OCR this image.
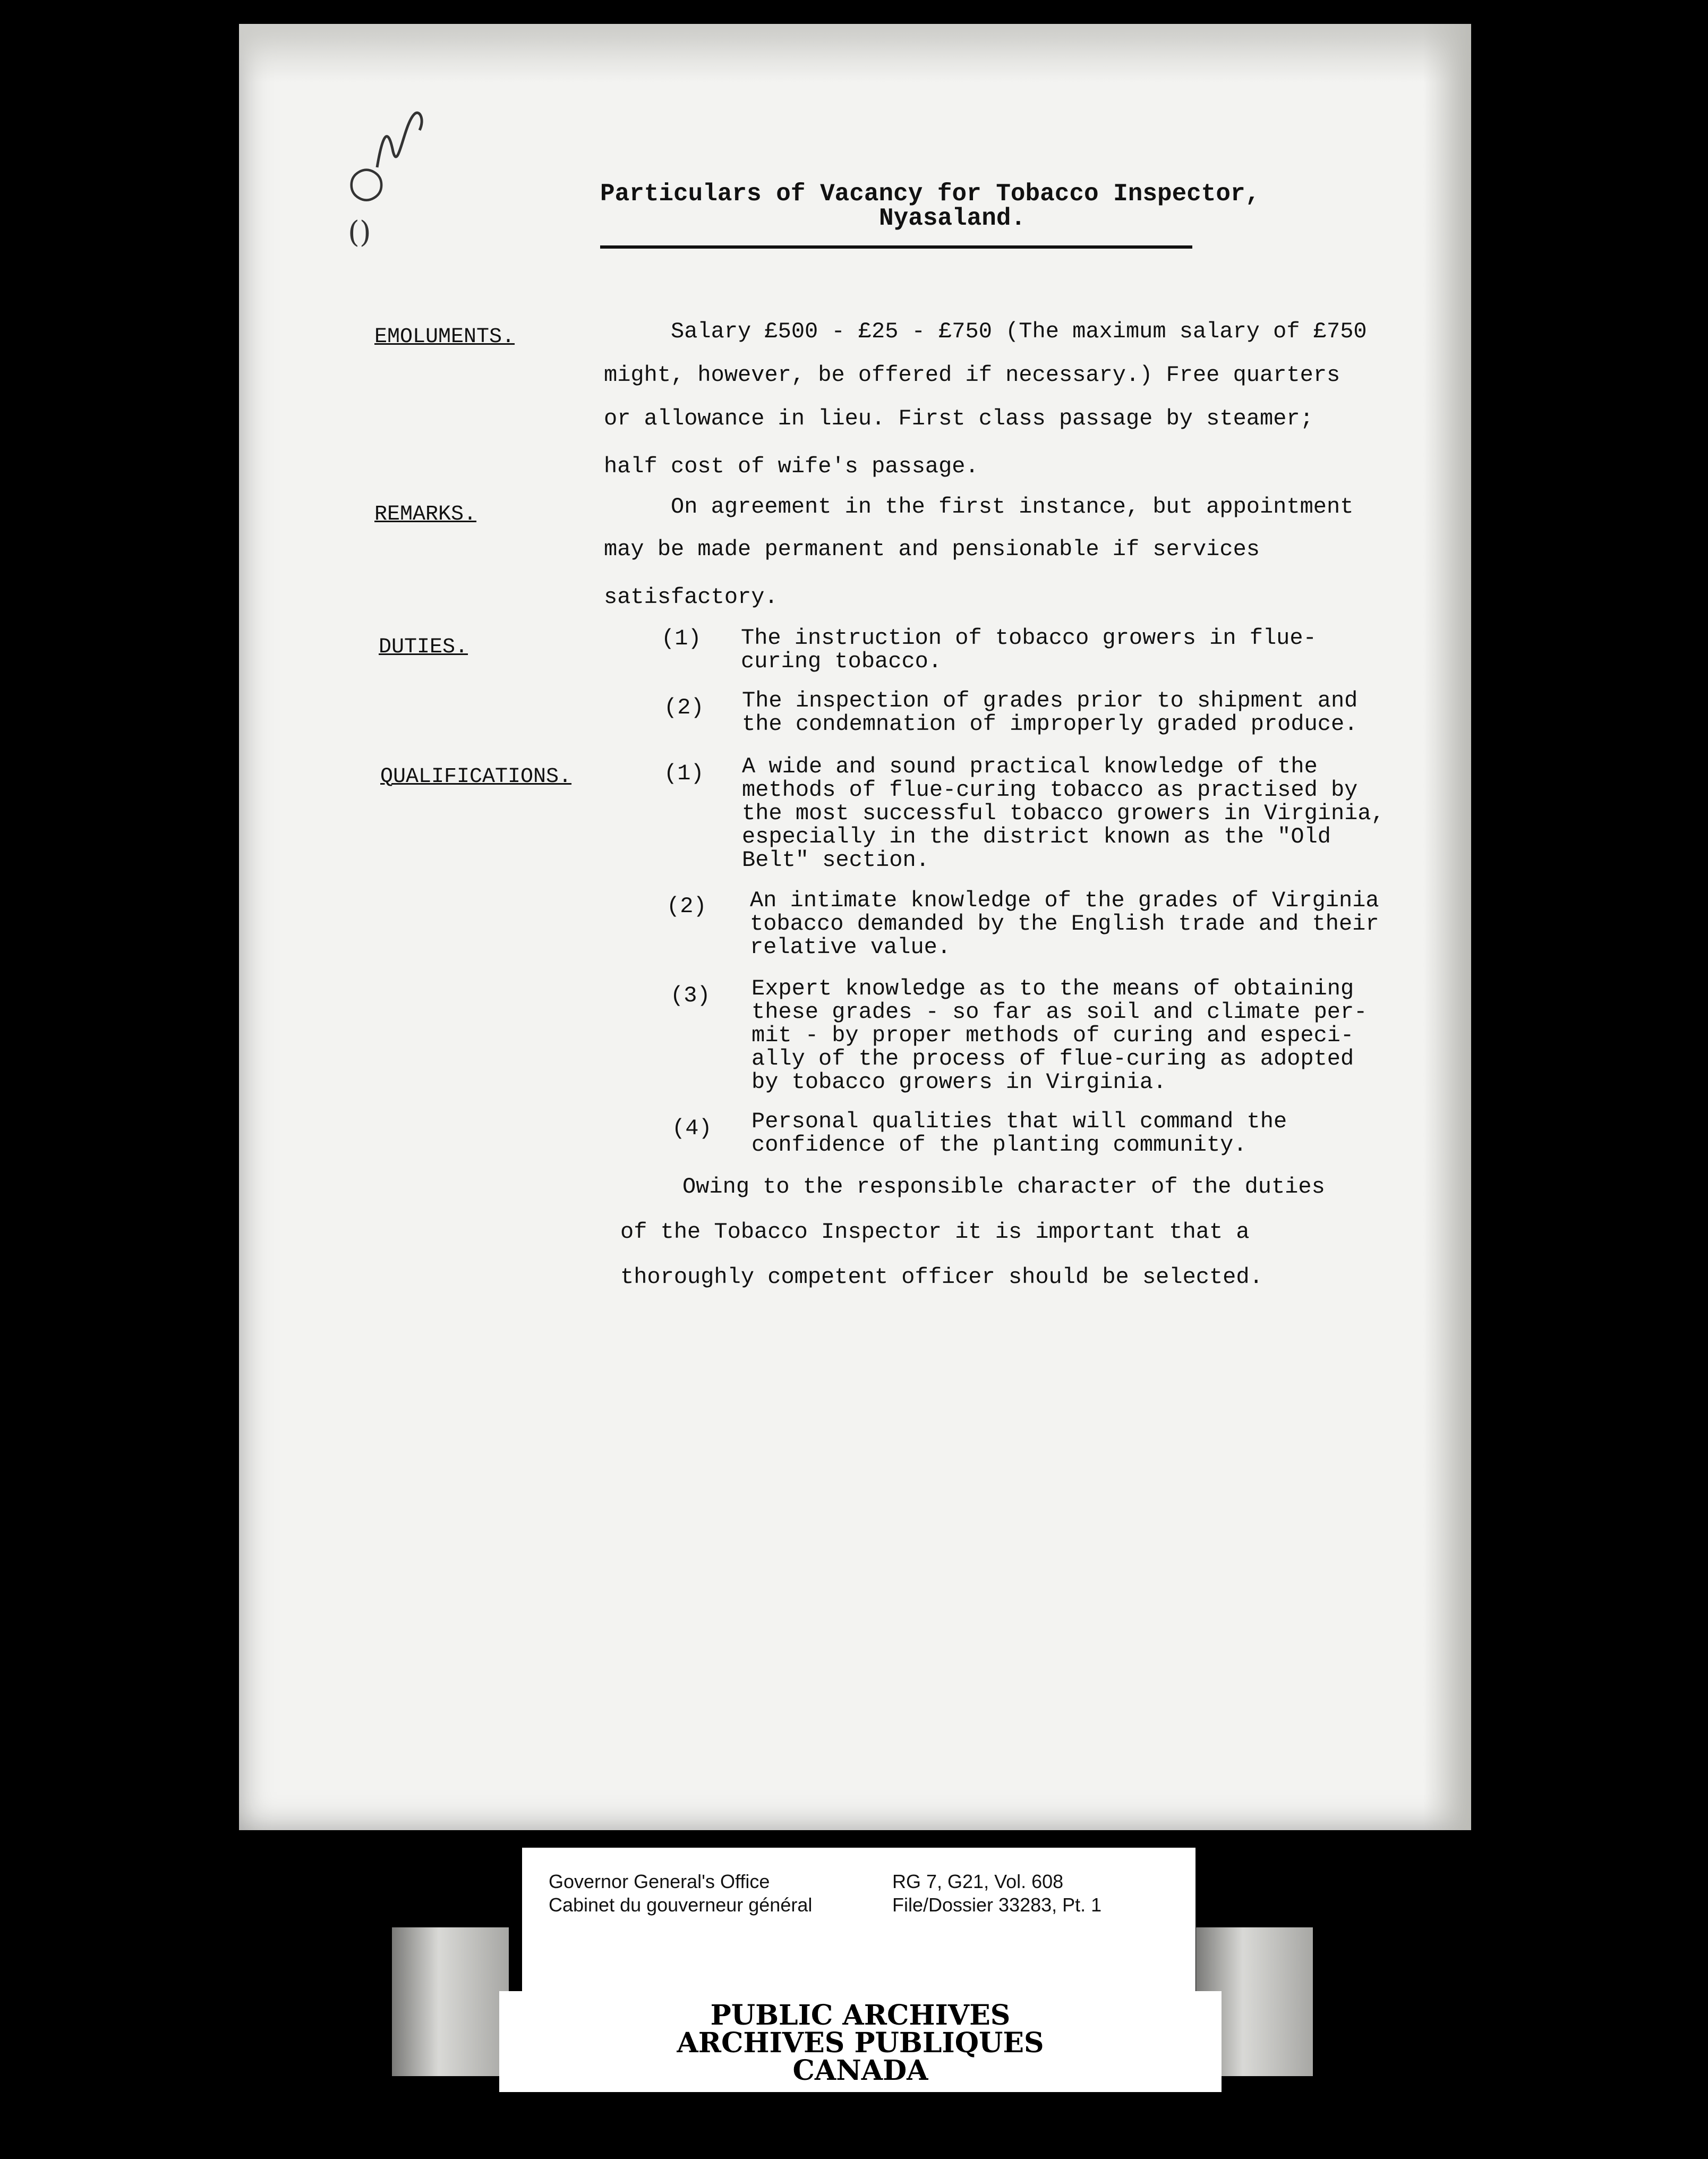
○
()
Particulars of Vacancy for Tobacco Inspector,
Nyasaland.
EMOLUMENTS.	Salary £500 - £25 - £750 (The maximum salary of £750
might, however, be offered if necessary.) Free quarters
or allowance in lieu. First class passage by steamer;
half cost of wife's passage.
REMARKS.	On agreement in the first instance, but appointment
may be made permanent and pensionable if services
satisfactory.
DUTIES.	(1) The instruction of tobacco growers in flue-
curing tobacco.
(2) The inspection of grades prior to shipment and
the condemnation of improperly graded produce.
QUALIFICATIONS.	(1) A wide and sound practical knowledge of the
methods of flue-curing tobacco as practised by
the most successful tobacco growers in Virginia,
especially in the district known as the "Old
Belt" section.
(2) An intimate knowledge of the grades of Virginia
tobacco demanded by the English trade and their
relative value.
(3) Expert knowledge as to the means of obtaining
these grades - so far as soil and climate per-
mit - by proper methods of curing and especi-
ally of the process of flue-curing as adopted
by tobacco growers in Virginia.
(4) Personal qualities that will command the
confidence of the planting community.
Owing to the responsible character of the duties
of the Tobacco Inspector it is important that a
thoroughly competent officer should be selected.
Governor General's Office
Cabinet du gouverneur général
RG 7, G21, Vol. 608
File/Dossier 33283, Pt. 1
PUBLIC ARCHIVES
ARCHIVES PUBLIQUES
CANADA
